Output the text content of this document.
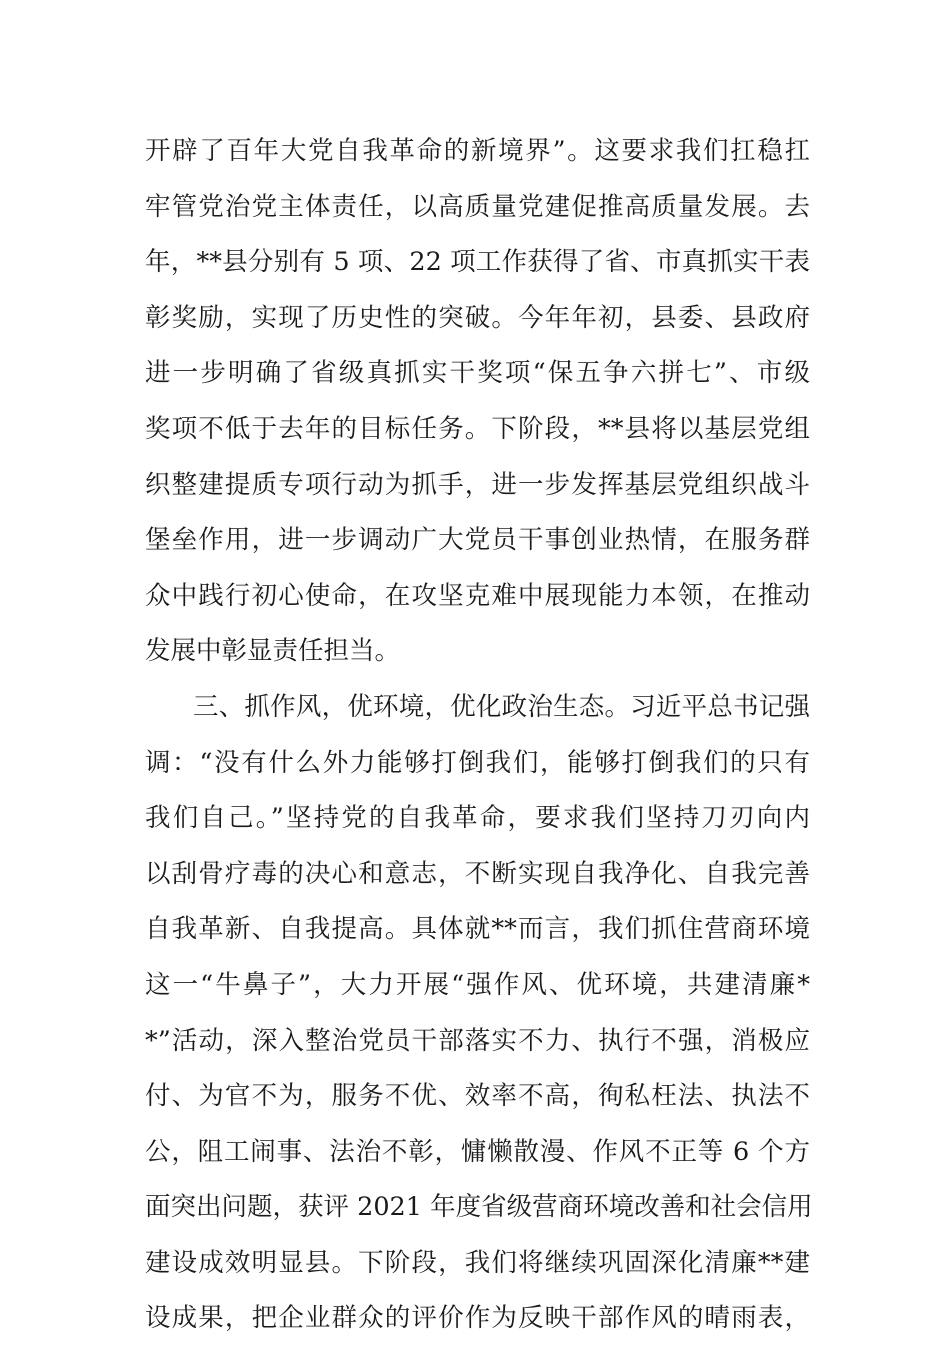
开辟了百年大党自我革命的新境界”。这要求我们扛稳扛
牢管党治党主体责任，以高质量党建促推高质量发展。去
年，**县分别有 5 项、22 项工作获得了省、市真抓实干表
彰奖励，实现了历史性的突破。今年年初，县委、县政府
进一步明确了省级真抓实干奖项“保五争六拼七”、市级
奖项不低于去年的目标任务。下阶段，**县将以基层党组
织整建提质专项行动为抓手，进一步发挥基层党组织战斗
堡垒作用，进一步调动广大党员干事创业热情，在服务群
众中践行初心使命，在攻坚克难中展现能力本领，在推动
发展中彰显责任担当。
三、抓作风，优环境，优化政治生态。习近平总书记强
调：“没有什么外力能够打倒我们，能够打倒我们的只有
我们自己。”坚持党的自我革命，要求我们坚持刀刃向内
以刮骨疗毒的决心和意志，不断实现自我净化、自我完善
自我革新、自我提高。具体就**而言，我们抓住营商环境
这一“牛鼻子”，大力开展“强作风、优环境，共建清廉*
*”活动，深入整治党员干部落实不力、执行不强，消极应
付、为官不为，服务不优、效率不高，徇私枉法、执法不
公，阻工闹事、法治不彰，慵懒散漫、作风不正等 6 个方
面突出问题，获评 2021 年度省级营商环境改善和社会信用
建设成效明显县。下阶段，我们将继续巩固深化清廉**建
设成果，把企业群众的评价作为反映干部作风的晴雨表，
